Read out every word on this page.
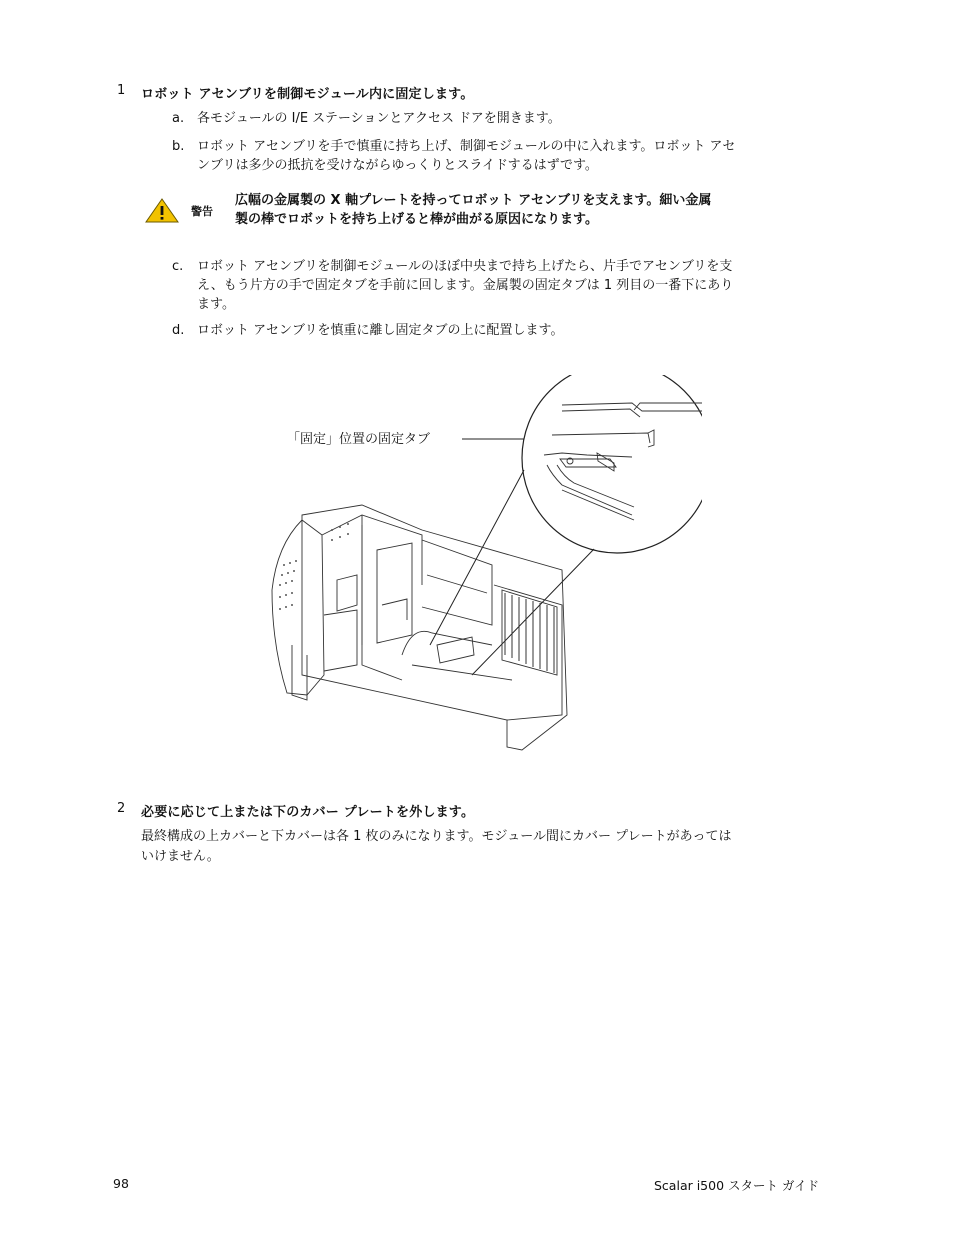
1 ロボット アセンブリを制御モジュール内に固定します。
a. 各モジュールの I/E ステーションとアクセス ドアを開きます。
b. ロボット アセンブリを手で慎重に持ち上げ、制御モジュールの中に入れます。ロボット アセ
ンブリは多少の抵抗を受けながらゆっくりとスライドするはずです。
警告
広幅の金属製の X 軸プレートを持ってロボット アセンブリを支えます。細い金属
製の棒でロボットを持ち上げると棒が曲がる原因になります。
c. ロボット アセンブリを制御モジュールのほぼ中央まで持ち上げたら、片手でアセンブリを支
え、もう片方の手で固定タブを手前に回します。金属製の固定タブは 1 列目の一番下にあり
ます。
d. ロボット アセンブリを慎重に離し固定タブの上に配置します。
「固定」位置の固定タブ
2 必要に応じて上または下のカバー プレートを外します。
最終構成の上カバーと下カバーは各 1 枚のみになります。モジュール間にカバー プレートがあっては
いけません。
98	Scalar i500 スタート ガイド
